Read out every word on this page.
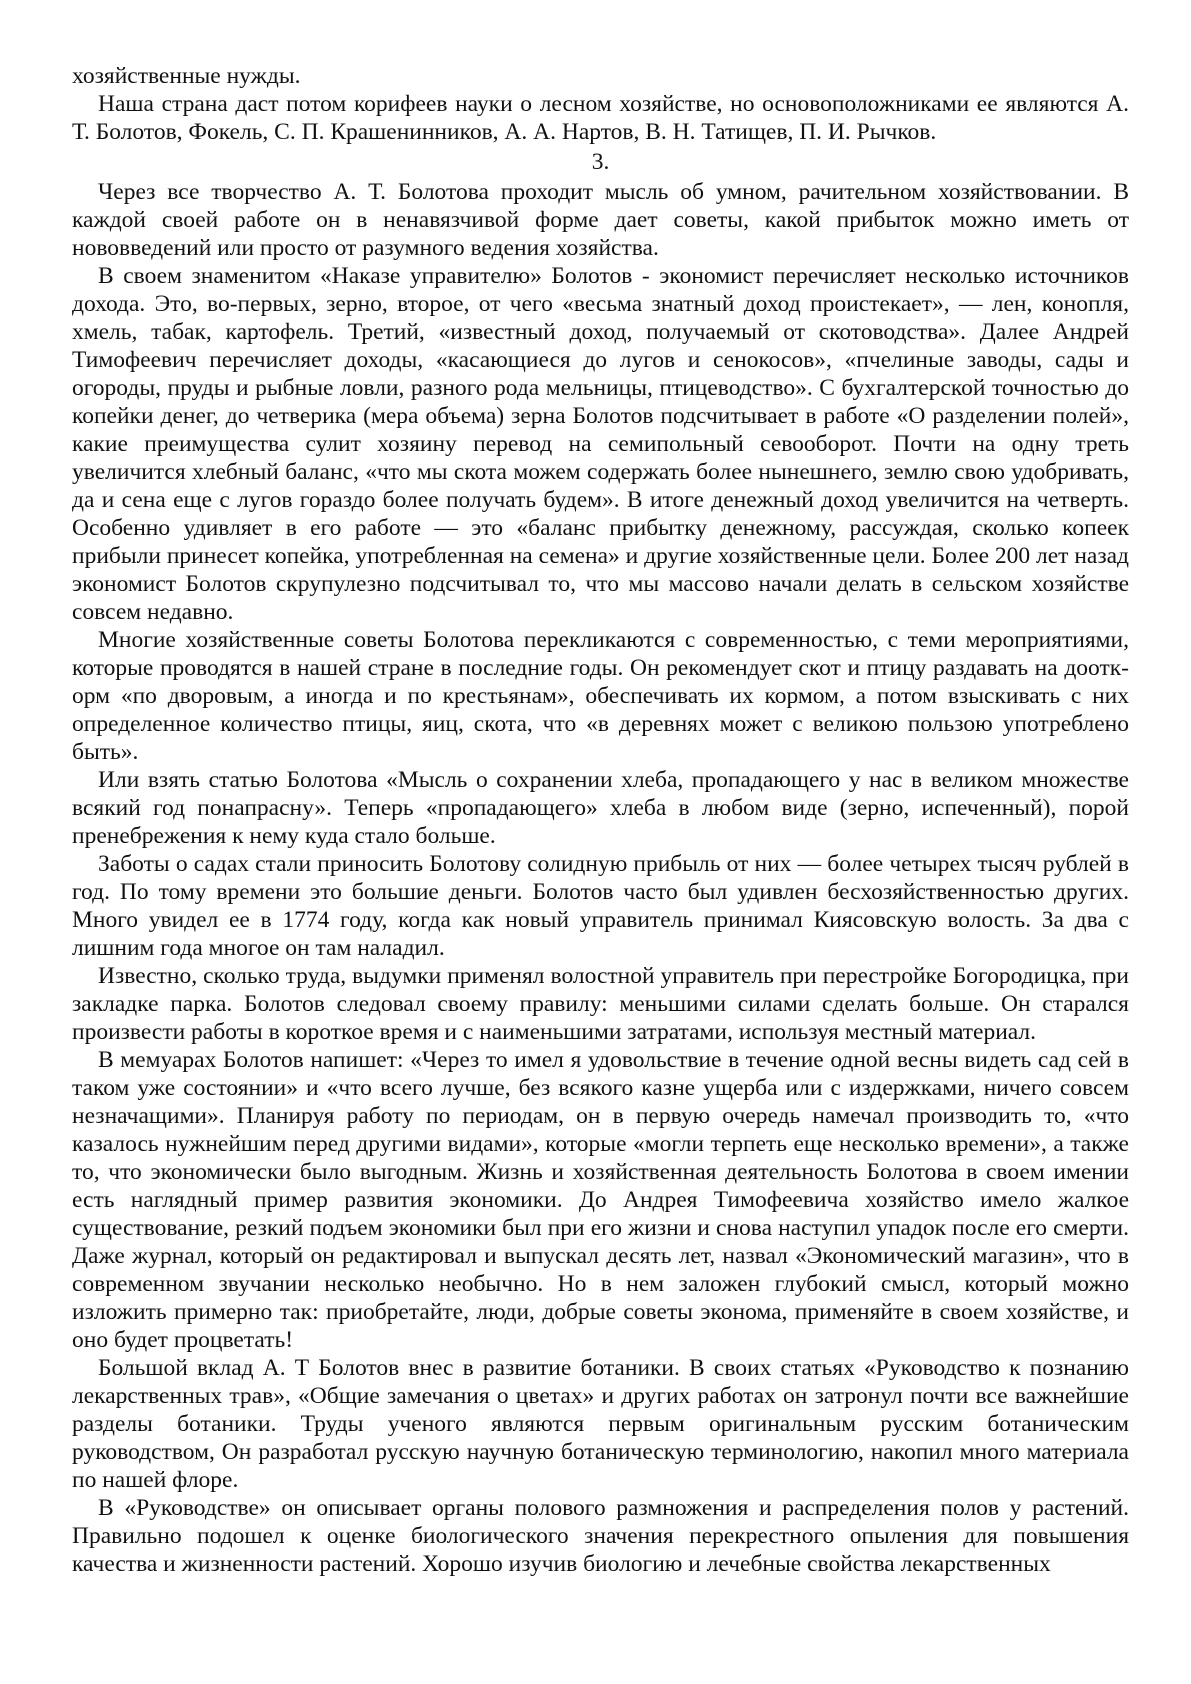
хозяйственные нужды.

Наша страна даст потом корифеев науки о лесном хозяйстве, но основоположниками ее являются А. Т. Болотов, Фокель, С. П. Крашенинников, А. А. Нартов, В. Н. Татищев, П. И. Рычков.

3.

Через все творчество А. Т. Болотова проходит мысль об умном, рачительном хозяйствовании. В каждой своей работе он в ненавязчивой форме дает советы, какой прибыток можно иметь от нововведений или просто от разумного ведения хозяйства.

В своем знаменитом «Наказе управителю» Болотов - экономист перечисляет несколько источников дохода. Это, во-первых, зерно, второе, от чего «весьма знатный доход проистекает», — лен, конопля, хмель, табак, картофель. Третий, «известный доход, получаемый от скотоводства». Далее Андрей Тимофеевич перечисляет доходы, «касающиеся до лугов и сенокосов», «пчелиные заводы, сады и огороды, пруды и рыбные ловли, разного рода мельницы, птицеводство». С бухгалтерской точностью до копейки денег, до четверика (мера объема) зерна Болотов подсчитывает в работе «О разделении полей», какие преимущества сулит хозяину перевод на семипольный севооборот. Почти на одну треть увеличится хлебный баланс, «что мы скота можем содержать более нынешнего, землю свою удобривать, да и сена еще с лугов гораздо более получать будем». В итоге денежный доход увеличится на четверть. Особенно удивляет в его работе — это «баланс прибытку денежному, рассуждая, сколько копеек прибыли принесет копейка, употребленная на семена» и другие хозяйственные цели. Более 200 лет назад экономист Болотов скрупулезно подсчитывал то, что мы массово начали делать в сельском хозяйстве совсем недавно.

Многие хозяйственные советы Болотова перекликаются с современностью, с теми мероприятиями, которые проводятся в нашей стране в последние годы. Он рекомендует скот и птицу раздавать на дооткорм «по дворовым, а иногда и по крестьянам», обеспечивать их кормом, а потом взыскивать с них определенное количество птицы, яиц, скота, что «в деревнях может с великою пользою употреблено быть».

Или взять статью Болотова «Мысль о сохранении хлеба, пропадающего у нас в великом множестве всякий год понапрасну». Теперь «пропадающего» хлеба в любом виде (зерно, испеченный), порой пренебрежения к нему куда стало больше.

Заботы о садах стали приносить Болотову солидную прибыль от них — более четырех тысяч рублей в год. По тому времени это большие деньги. Болотов часто был удивлен бесхозяйственностью других. Много увидел ее в 1774 году, когда как новый управитель принимал Киясовскую волость. За два с лишним года многое он там наладил.

Известно, сколько труда, выдумки применял волостной управитель при перестройке Богородицка, при закладке парка. Болотов следовал своему правилу: меньшими силами сделать больше. Он старался произвести работы в короткое время и с наименьшими затратами, используя местный материал.

В мемуарах Болотов напишет: «Через то имел я удовольствие в течение одной весны видеть сад сей в таком уже состоянии» и «что всего лучше, без всякого казне ущерба или с издержками, ничего совсем незначащими». Планируя работу по периодам, он в первую очередь намечал производить то, «что казалось нужнейшим перед другими видами», которые «могли терпеть еще несколько времени», а также то, что экономически было выгодным. Жизнь и хозяйственная деятельность Болотова в своем имении есть наглядный пример развития экономики. До Андрея Тимофеевича хозяйство имело жалкое существование, резкий подъем экономики был при его жизни и снова наступил упадок после его смерти. Даже журнал, который он редактировал и выпускал десять лет, назвал «Экономический магазин», что в современном звучании несколько необычно. Но в нем заложен глубокий смысл, который можно изложить примерно так: приобретайте, люди, добрые советы эконома, применяйте в своем хозяйстве, и оно будет процветать!

Большой вклад А. Т Болотов внес в развитие ботаники. В своих статьях «Руководство к познанию лекарственных трав», «Общие замечания о цветах» и других работах он затронул почти все важнейшие разделы ботаники. Труды ученого являются первым оригинальным русским ботаническим руководством, Он разработал русскую научную ботаническую терминологию, накопил много материала по нашей флоре.

В «Руководстве» он описывает органы полового размножения и распределения полов у растений. Правильно подошел к оценке биологического значения перекрестного опыления для повышения качества и жизненности растений. Хорошо изучив биологию и лечебные свойства лекарственных
